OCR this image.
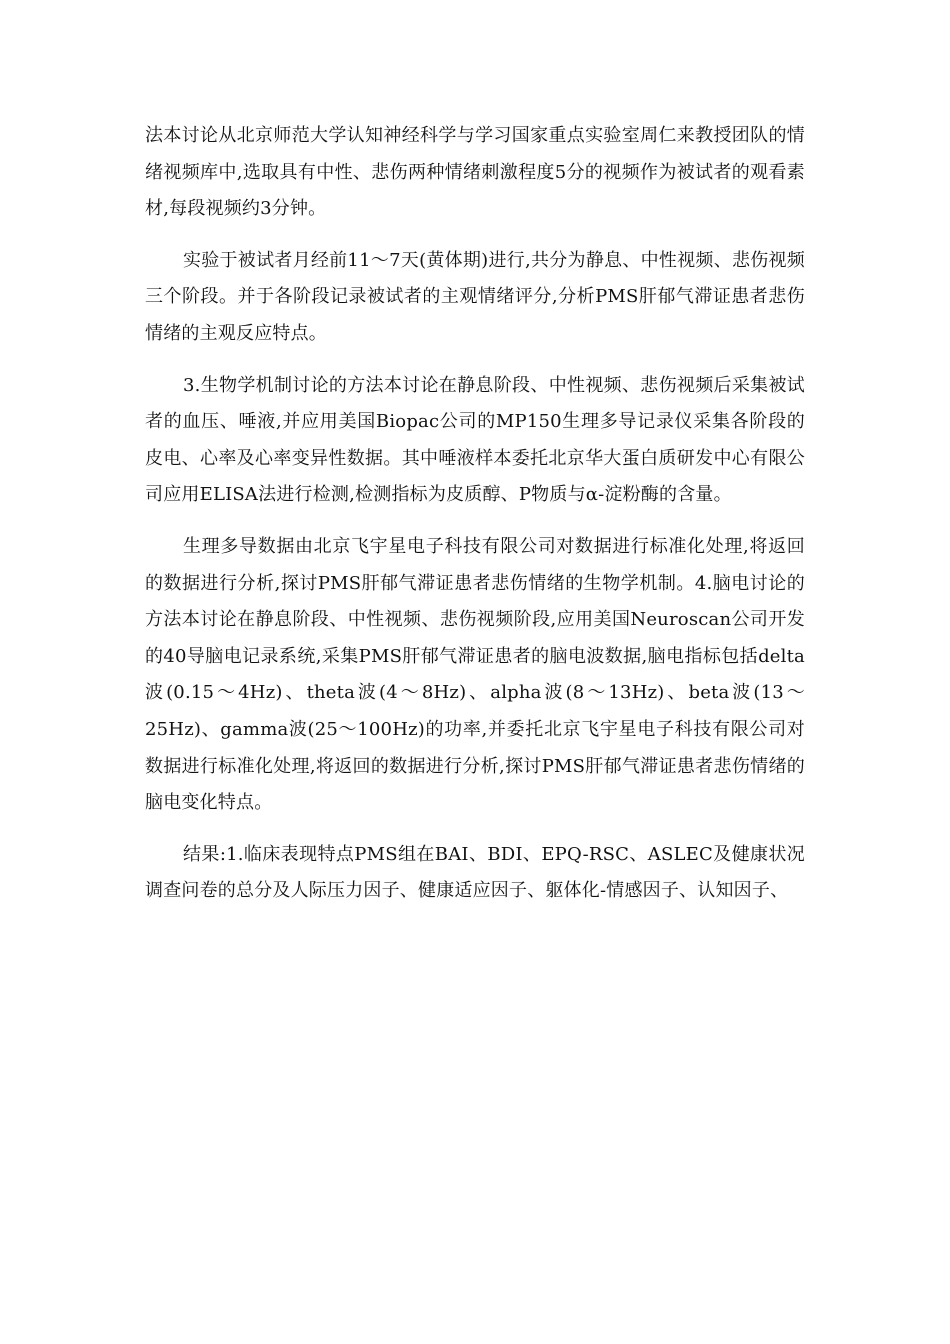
法本讨论从北京师范大学认知神经科学与学习国家重点实验室周仁来教授团队的情绪视频库中,选取具有中性、悲伤两种情绪刺激程度5分的视频作为被试者的观看素材,每段视频约3分钟。

实验于被试者月经前11～7天(黄体期)进行,共分为静息、中性视频、悲伤视频三个阶段。并于各阶段记录被试者的主观情绪评分,分析PMS肝郁气滞证患者悲伤情绪的主观反应特点。

3.生物学机制讨论的方法本讨论在静息阶段、中性视频、悲伤视频后采集被试者的血压、唾液,并应用美国Biopac公司的MP150生理多导记录仪采集各阶段的皮电、心率及心率变异性数据。其中唾液样本委托北京华大蛋白质研发中心有限公司应用ELISA法进行检测,检测指标为皮质醇、P物质与α-淀粉酶的含量。

生理多导数据由北京飞宇星电子科技有限公司对数据进行标准化处理,将返回的数据进行分析,探讨PMS肝郁气滞证患者悲伤情绪的生物学机制。4.脑电讨论的方法本讨论在静息阶段、中性视频、悲伤视频阶段,应用美国Neuroscan公司开发的40导脑电记录系统,采集PMS肝郁气滞证患者的脑电波数据,脑电指标包括delta波(0.15～4Hz)、theta波(4～8Hz)、alpha波(8～13Hz)、beta波(13～25Hz)、gamma波(25～100Hz)的功率,并委托北京飞宇星电子科技有限公司对数据进行标准化处理,将返回的数据进行分析,探讨PMS肝郁气滞证患者悲伤情绪的脑电变化特点。

结果:1.临床表现特点PMS组在BAI、BDI、EPQ-RSC、ASLEC及健康状况调查问卷的总分及人际压力因子、健康适应因子、躯体化-情感因子、认知因子、
